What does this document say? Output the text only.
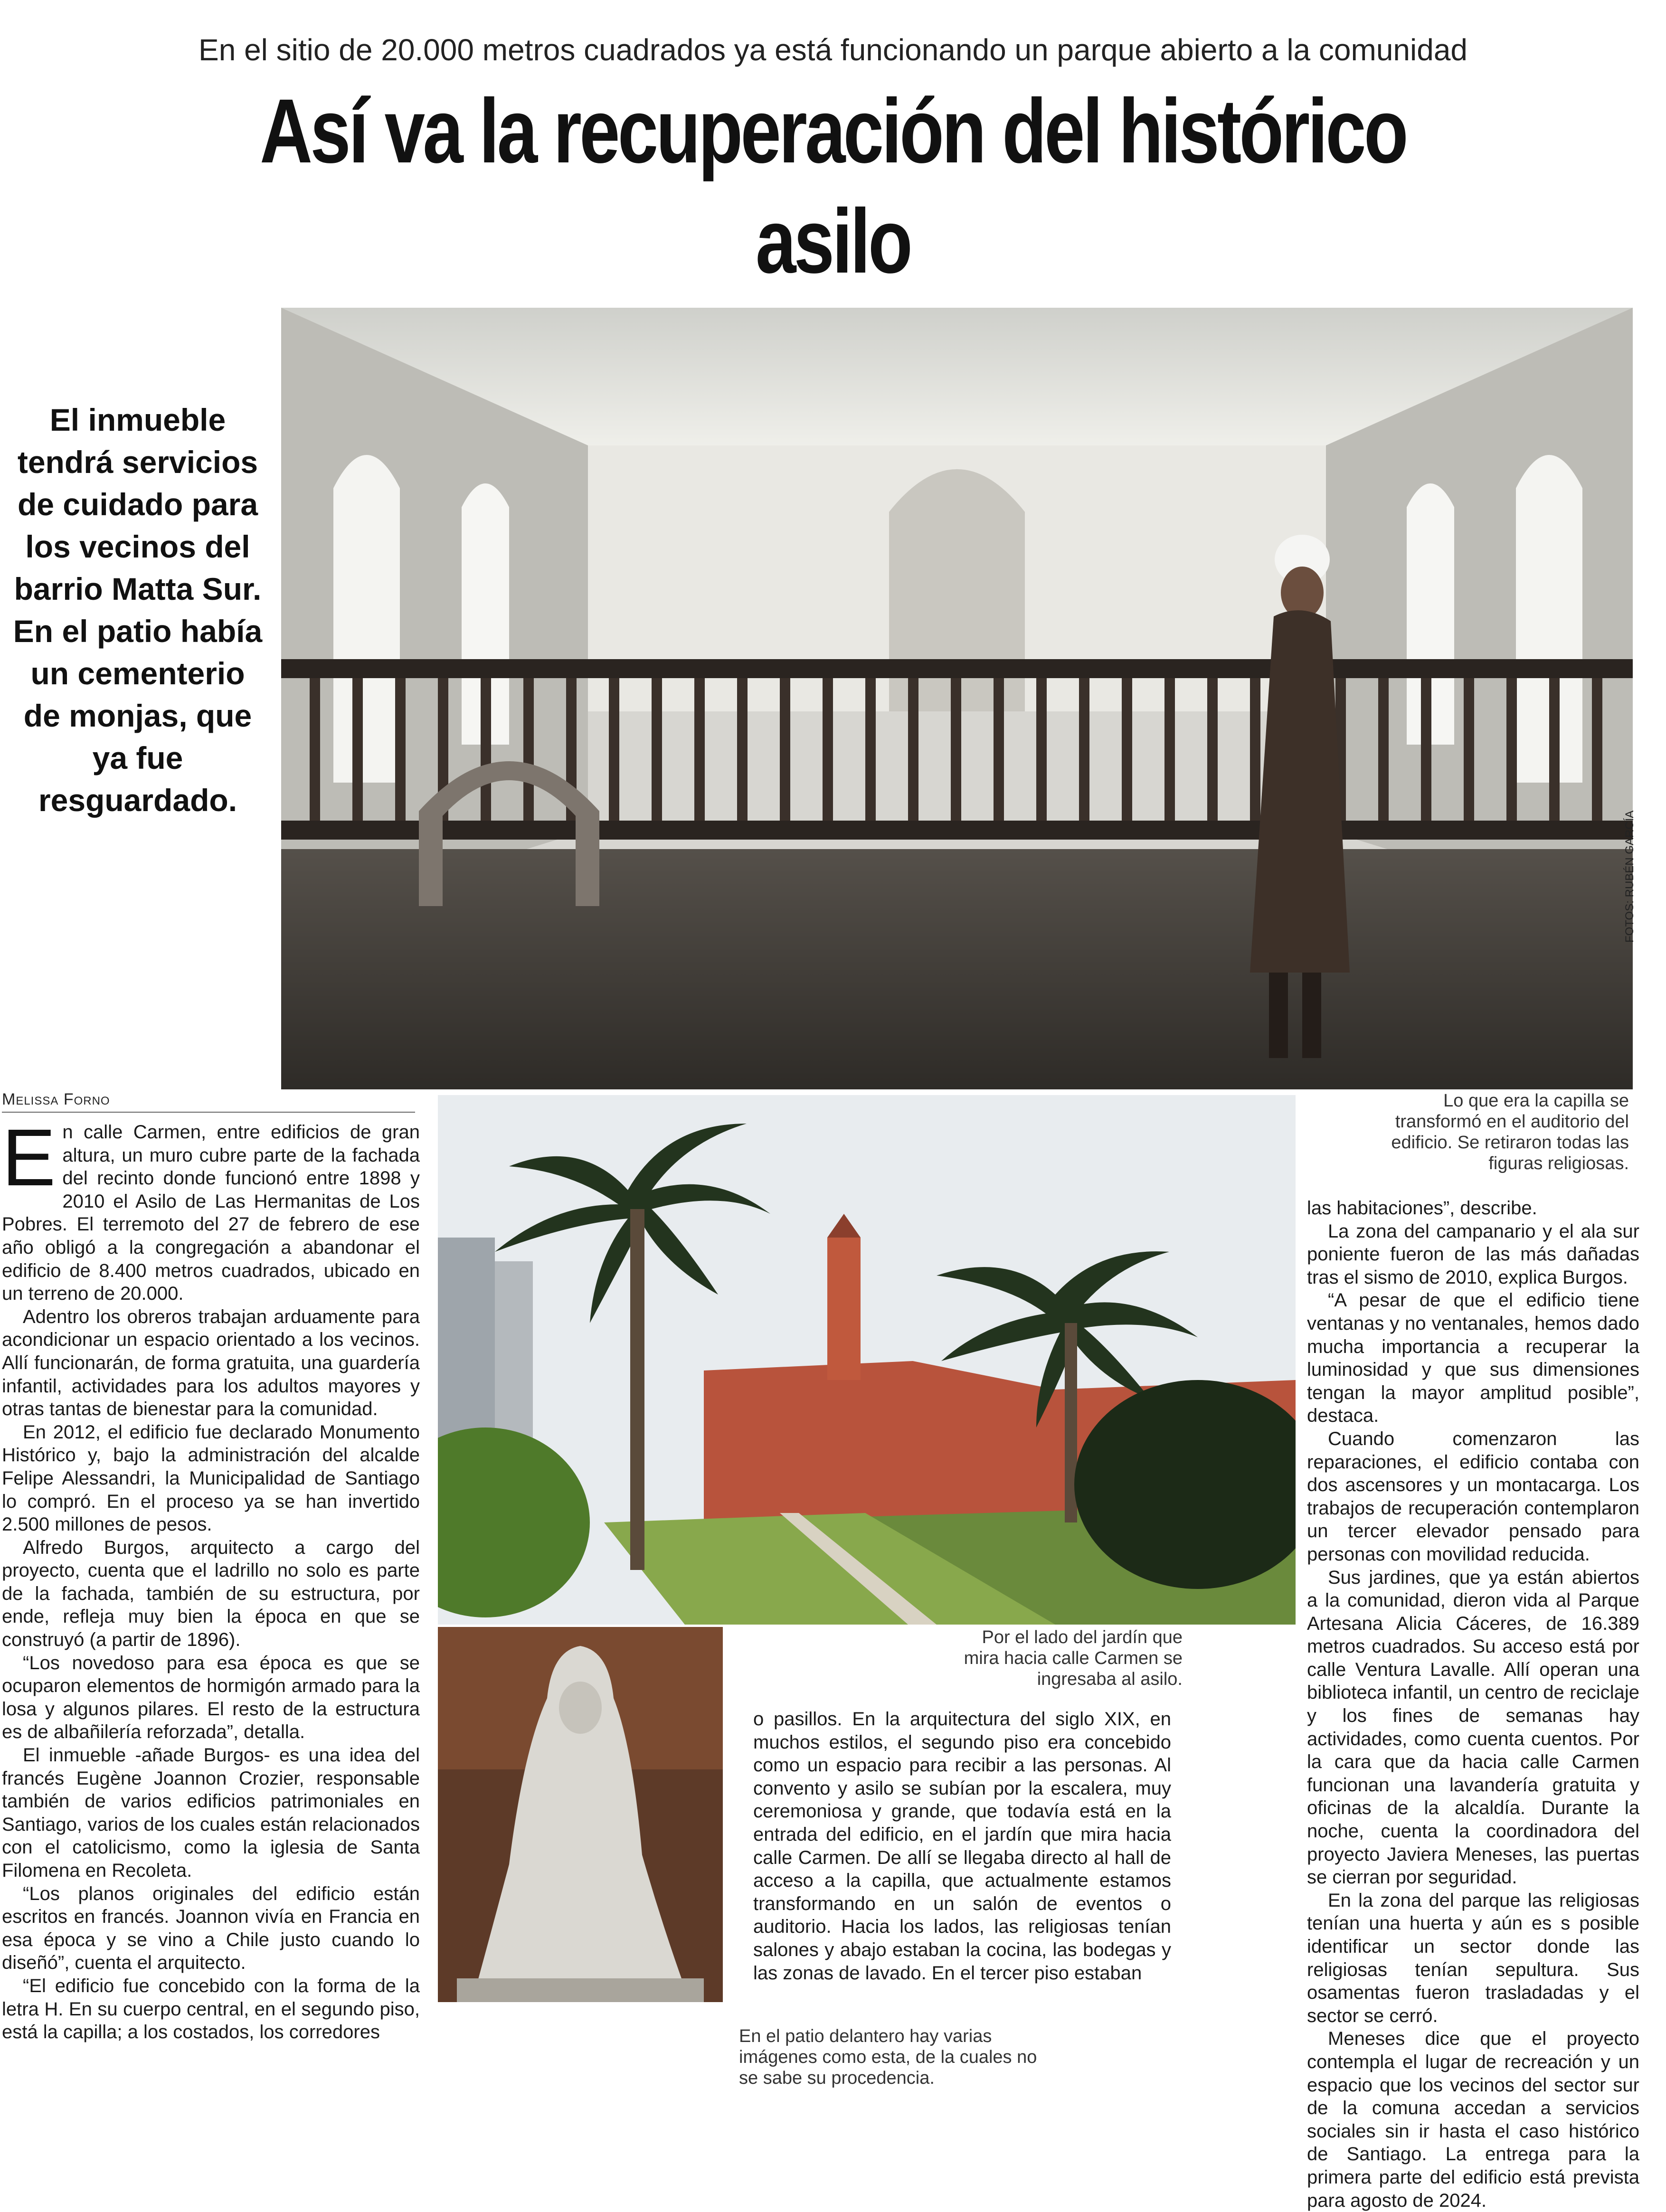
En el sitio de 20.000 metros cuadrados ya está funcionando un parque abierto a la comunidad
Así va la recuperación del histórico asilo
El inmueble tendrá servicios de cuidado para los vecinos del barrio Matta Sur. En el patio había un cementerio de monjas, que ya fue resguardado.
FOTOS: RUBÉN GARCÍA
Lo que era la capilla se transformó en el auditorio del edificio. Se retiraron todas las figuras religiosas.
Melissa Forno
Por el lado del jardín que mira hacia calle Carmen se ingresaba al asilo.
En el patio delantero hay varias imágenes como esta, de la cuales no se sabe su procedencia.

En calle Carmen, entre edificios de gran altura, un muro cubre parte de la fachada del recinto donde funcionó entre 1898 y 2010 el Asilo de Las Hermanitas de Los Pobres. El terremoto del 27 de febrero de ese año obligó a la congregación a abandonar el edificio de 8.400 metros cuadrados, ubicado en un terreno de 20.000.

Adentro los obreros trabajan arduamente para acondicionar un espacio orientado a los vecinos. Allí funcionarán, de forma gratuita, una guardería infantil, actividades para los adultos mayores y otras tantas de bienestar para la comunidad.

En 2012, el edificio fue declarado Monumento Histórico y, bajo la administración del alcalde Felipe Alessandri, la Municipalidad de Santiago lo compró. En el proceso ya se han invertido 2.500 millones de pesos.

Alfredo Burgos, arquitecto a cargo del proyecto, cuenta que el ladrillo no solo es parte de la fachada, también de su estructura, por ende, refleja muy bien la época en que se construyó (a partir de 1896).

“Los novedoso para esa época es que se ocuparon elementos de hormigón armado para la losa y algunos pilares. El resto de la estructura es de albañilería reforzada”, detalla.

El inmueble -añade Burgos- es una idea del francés Eugène Joannon Crozier, responsable también de varios edificios patrimoniales en Santiago, varios de los cuales están relacionados con el catolicismo, como la iglesia de Santa Filomena en Recoleta.

“Los planos originales del edificio están escritos en francés. Joannon vivía en Francia en esa época y se vino a Chile justo cuando lo diseñó”, cuenta el arquitecto.

“El edificio fue concebido con la forma de la letra H. En su cuerpo central, en el segundo piso, está la capilla; a los costados, los corredores

o pasillos. En la arquitectura del siglo XIX, en muchos estilos, el segundo piso era concebido como un espacio para recibir a las personas. Al convento y asilo se subían por la escalera, muy ceremoniosa y grande, que todavía está en la entrada del edificio, en el jardín que mira hacia calle Carmen. De allí se llegaba directo al hall de acceso a la capilla, que actualmente estamos transformando en un salón de eventos o auditorio. Hacia los lados, las religiosas tenían salones y abajo estaban la cocina, las bodegas y las zonas de lavado. En el tercer piso estaban

las habitaciones”, describe.

La zona del campanario y el ala sur poniente fueron de las más dañadas tras el sismo de 2010, explica Burgos.

“A pesar de que el edificio tiene ventanas y no ventanales, hemos dado mucha importancia a recuperar la luminosidad y que sus dimensiones tengan la mayor amplitud posible”, destaca.

Cuando comenzaron las reparaciones, el edificio contaba con dos ascensores y un montacarga. Los trabajos de recuperación contemplaron un tercer elevador pensado para personas con movilidad reducida.

Sus jardines, que ya están abiertos a la comunidad, dieron vida al Parque Artesana Alicia Cáceres, de 16.389 metros cuadrados. Su acceso está por calle Ventura Lavalle. Allí operan una biblioteca infantil, un centro de reciclaje y los fines de semanas hay actividades, como cuenta cuentos. Por la cara que da hacia calle Carmen funcionan una lavandería gratuita y oficinas de la alcaldía. Durante la noche, cuenta la coordinadora del proyecto Javiera Meneses, las puertas se cierran por seguridad.

En la zona del parque las religiosas tenían una huerta y aún es s posible identificar un sector donde las religiosas tenían sepultura. Sus osamentas fueron trasladadas y el sector se cerró.

Meneses dice que el proyecto contempla el lugar de recreación y un espacio que los vecinos del sector sur de la comuna accedan a servicios sociales sin ir hasta el caso histórico de Santiago. La entrega para la primera parte del edificio está prevista para agosto de 2024.
